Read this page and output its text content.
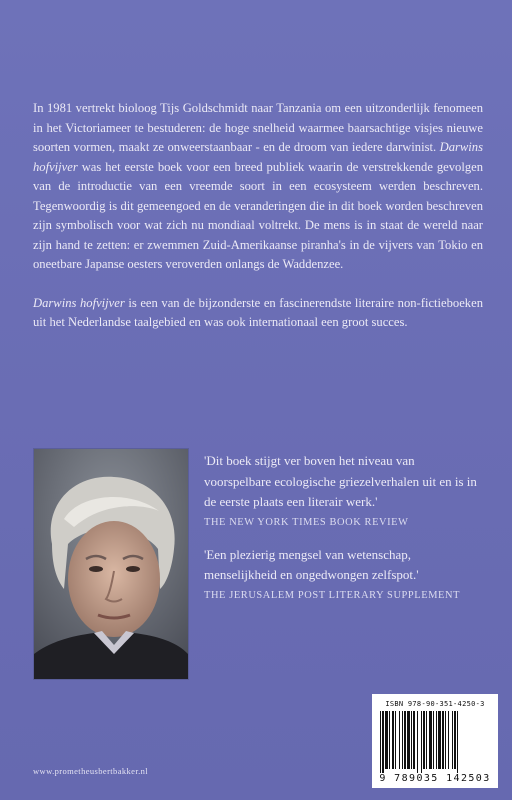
In 1981 vertrekt bioloog Tijs Goldschmidt naar Tanzania om een uitzonderlijk fenomeen in het Victoriameer te bestuderen: de hoge snelheid waarmee baarsachtige visjes nieuwe soorten vormen, maakt ze onweerstaanbaar - en de droom van iedere darwinist. Darwins hofvijver was het eerste boek voor een breed publiek waarin de verstrekkende gevolgen van de introductie van een vreemde soort in een ecosysteem werden beschreven. Tegenwoordig is dit gemeengoed en de veranderingen die in dit boek worden beschreven zijn symbolisch voor wat zich nu mondiaal voltrekt. De mens is in staat de wereld naar zijn hand te zetten: er zwemmen Zuid-Amerikaanse piranha's in de vijvers van Tokio en oneetbare Japanse oesters veroverden onlangs de Waddenzee.

Darwins hofvijver is een van de bijzonderste en fascinerendste literaire non-fictieboeken uit het Nederlandse taalgebied en was ook internationaal een groot succes.

'Dit boek stijgt ver boven het niveau van voorspelbare ecologische griezelverhalen uit en is in de eerste plaats een literair werk.'
THE NEW YORK TIMES BOOK REVIEW
'Een plezierig mengsel van wetenschap, menselijkheid en ongedwongen zelfspot.'
THE JERUSALEM POST LITERARY SUPPLEMENT
ISBN 978-90-351-4250-3
9 789035 142503
www.prometheusbertbakker.nl
